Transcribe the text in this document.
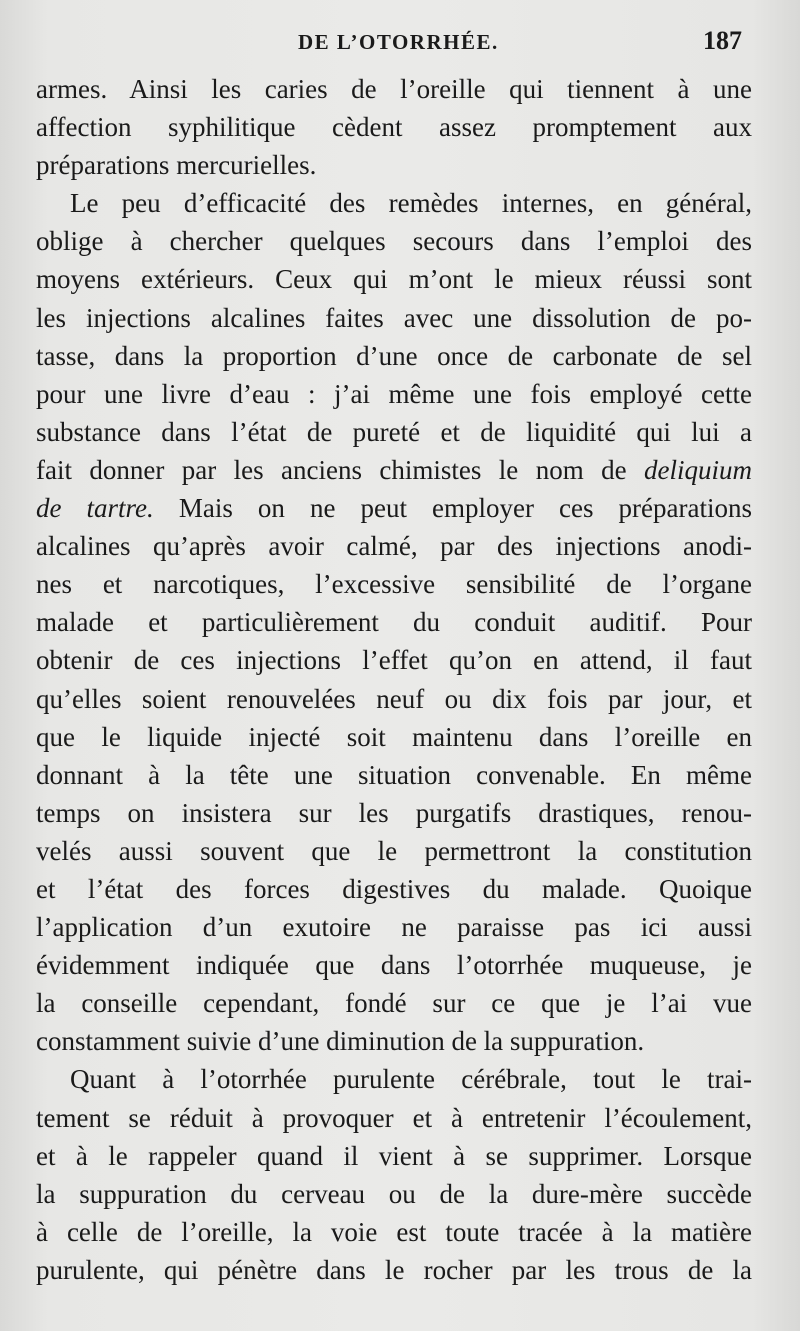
DE L’OTORRHÉE.	187
armes. Ainsi les caries de l’oreille qui tiennent à une
affection syphilitique cèdent assez promptement aux
préparations mercurielles.
Le peu d’efficacité des remèdes internes, en général,
oblige à chercher quelques secours dans l’emploi des
moyens extérieurs. Ceux qui m’ont le mieux réussi sont
les injections alcalines faites avec une dissolution de po-
tasse, dans la proportion d’une once de carbonate de sel
pour une livre d’eau : j’ai même une fois employé cette
substance dans l’état de pureté et de liquidité qui lui a
fait donner par les anciens chimistes le nom de deliquium
de tartre. Mais on ne peut employer ces préparations
alcalines qu’après avoir calmé, par des injections anodi-
nes et narcotiques, l’excessive sensibilité de l’organe
malade et particulièrement du conduit auditif. Pour
obtenir de ces injections l’effet qu’on en attend, il faut
qu’elles soient renouvelées neuf ou dix fois par jour, et
que le liquide injecté soit maintenu dans l’oreille en
donnant à la tête une situation convenable. En même
temps on insistera sur les purgatifs drastiques, renou-
velés aussi souvent que le permettront la constitution
et l’état des forces digestives du malade. Quoique
l’application d’un exutoire ne paraisse pas ici aussi
évidemment indiquée que dans l’otorrhée muqueuse, je
la conseille cependant, fondé sur ce que je l’ai vue
constamment suivie d’une diminution de la suppuration.
Quant à l’otorrhée purulente cérébrale, tout le trai-
tement se réduit à provoquer et à entretenir l’écoulement,
et à le rappeler quand il vient à se supprimer. Lorsque
la suppuration du cerveau ou de la dure-mère succède
à celle de l’oreille, la voie est toute tracée à la matière
purulente, qui pénètre dans le rocher par les trous de la
